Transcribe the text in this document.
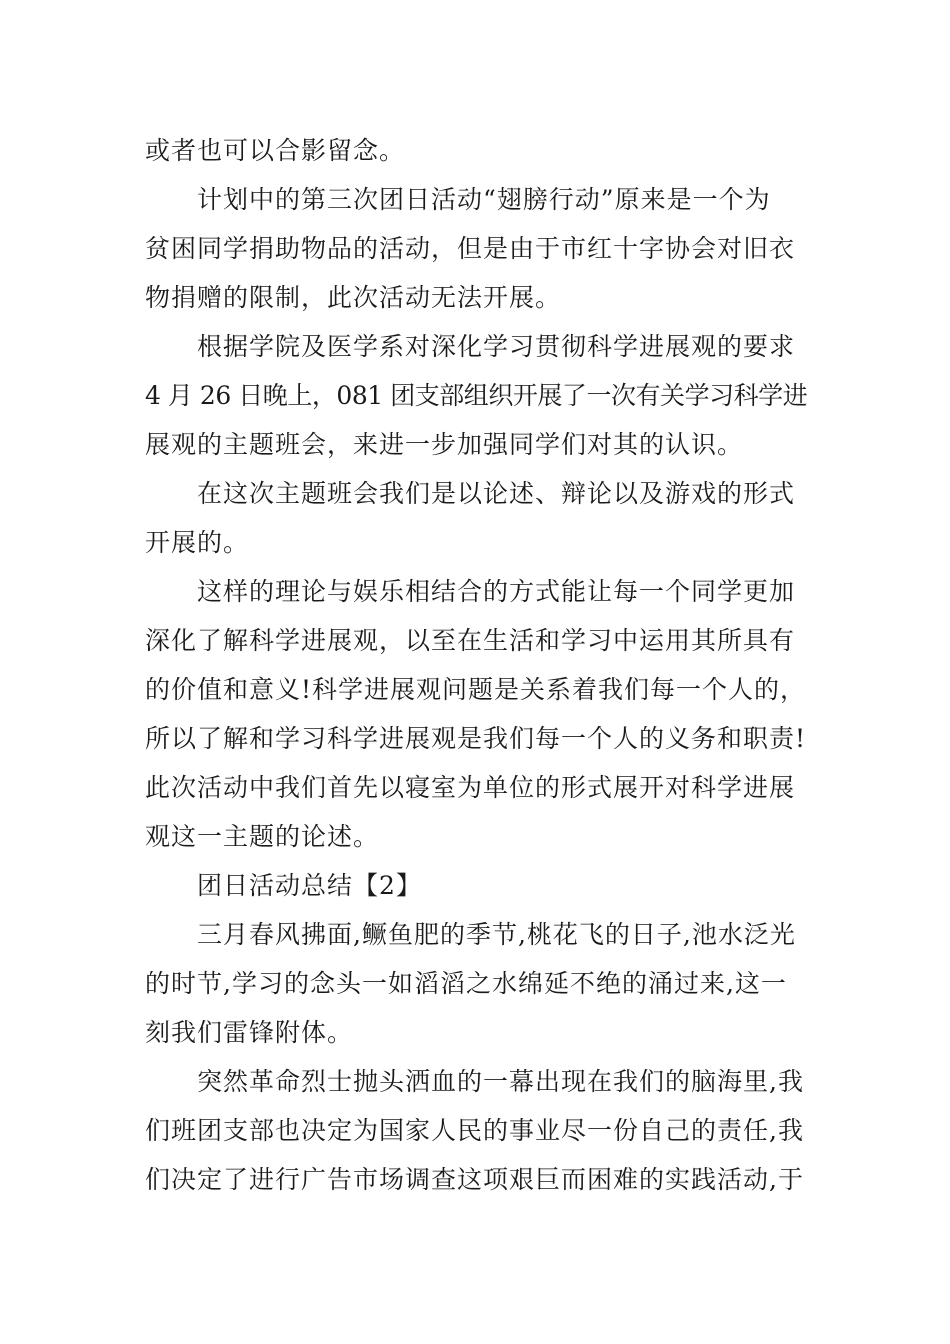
或者也可以合影留念。
计划中的第三次团日活动“翅膀行动”原来是一个为
贫困同学捐助物品的活动，但是由于市红十字协会对旧衣
物捐赠的限制，此次活动无法开展。
根据学院及医学系对深化学习贯彻科学进展观的要求
4 月 26 日晚上，081 团支部组织开展了一次有关学习科学进
展观的主题班会，来进一步加强同学们对其的认识。
在这次主题班会我们是以论述、辩论以及游戏的形式
开展的。
这样的理论与娱乐相结合的方式能让每一个同学更加
深化了解科学进展观，以至在生活和学习中运用其所具有
的价值和意义!科学进展观问题是关系着我们每一个人的，
所以了解和学习科学进展观是我们每一个人的义务和职责!
此次活动中我们首先以寝室为单位的形式展开对科学进展
观这一主题的论述。
团日活动总结【2】
三月春风拂面,鳜鱼肥的季节,桃花飞的日子,池水泛光
的时节,学习的念头一如滔滔之水绵延不绝的涌过来,这一
刻我们雷锋附体。
突然革命烈士抛头洒血的一幕出现在我们的脑海里,我
们班团支部也决定为国家人民的事业尽一份自己的责任,我
们决定了进行广告市场调查这项艰巨而困难的实践活动,于
